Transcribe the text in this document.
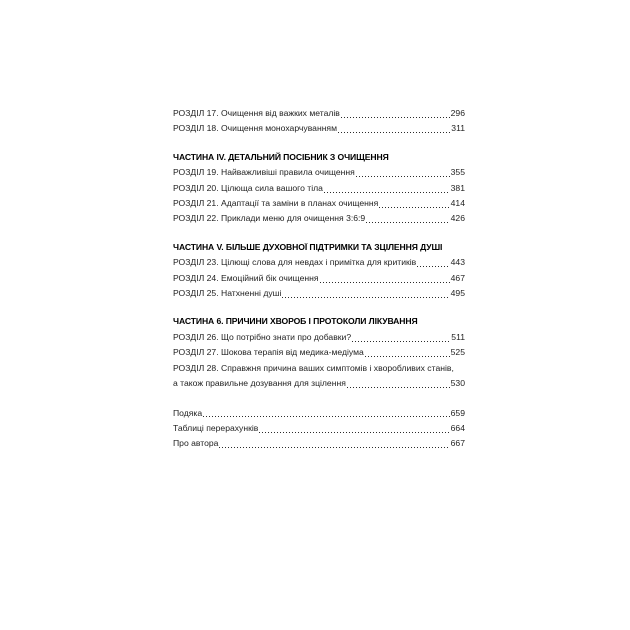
РОЗДІЛ 17. Очищення від важких металів	296
РОЗДІЛ 18. Очищення монохарчуванням	311
ЧАСТИНА IV. ДЕТАЛЬНИЙ ПОСІБНИК З ОЧИЩЕННЯ
РОЗДІЛ 19. Найважливіші правила очищення	355
РОЗДІЛ 20. Цілюща сила вашого тіла	381
РОЗДІЛ 21. Адаптації та заміни в планах очищення	414
РОЗДІЛ 22. Приклади меню для очищення 3:6:9	426
ЧАСТИНА V. БІЛЬШЕ ДУХОВНОЇ ПІДТРИМКИ ТА ЗЦІЛЕННЯ ДУШІ
РОЗДІЛ 23. Цілющі слова для невдах і примітка для критиків	443
РОЗДІЛ 24. Емоційний бік очищення	467
РОЗДІЛ 25. Натхненні душі	495
ЧАСТИНА 6. ПРИЧИНИ ХВОРОБ І ПРОТОКОЛИ ЛІКУВАННЯ
РОЗДІЛ 26. Що потрібно знати про добавки?	511
РОЗДІЛ 27. Шокова терапія від медика-медіума	525
РОЗДІЛ 28. Справжня причина ваших симптомів і хворобливих станів,
а також правильне дозування для зцілення	530
Подяка	659
Таблиці перерахунків	664
Про автора	667
